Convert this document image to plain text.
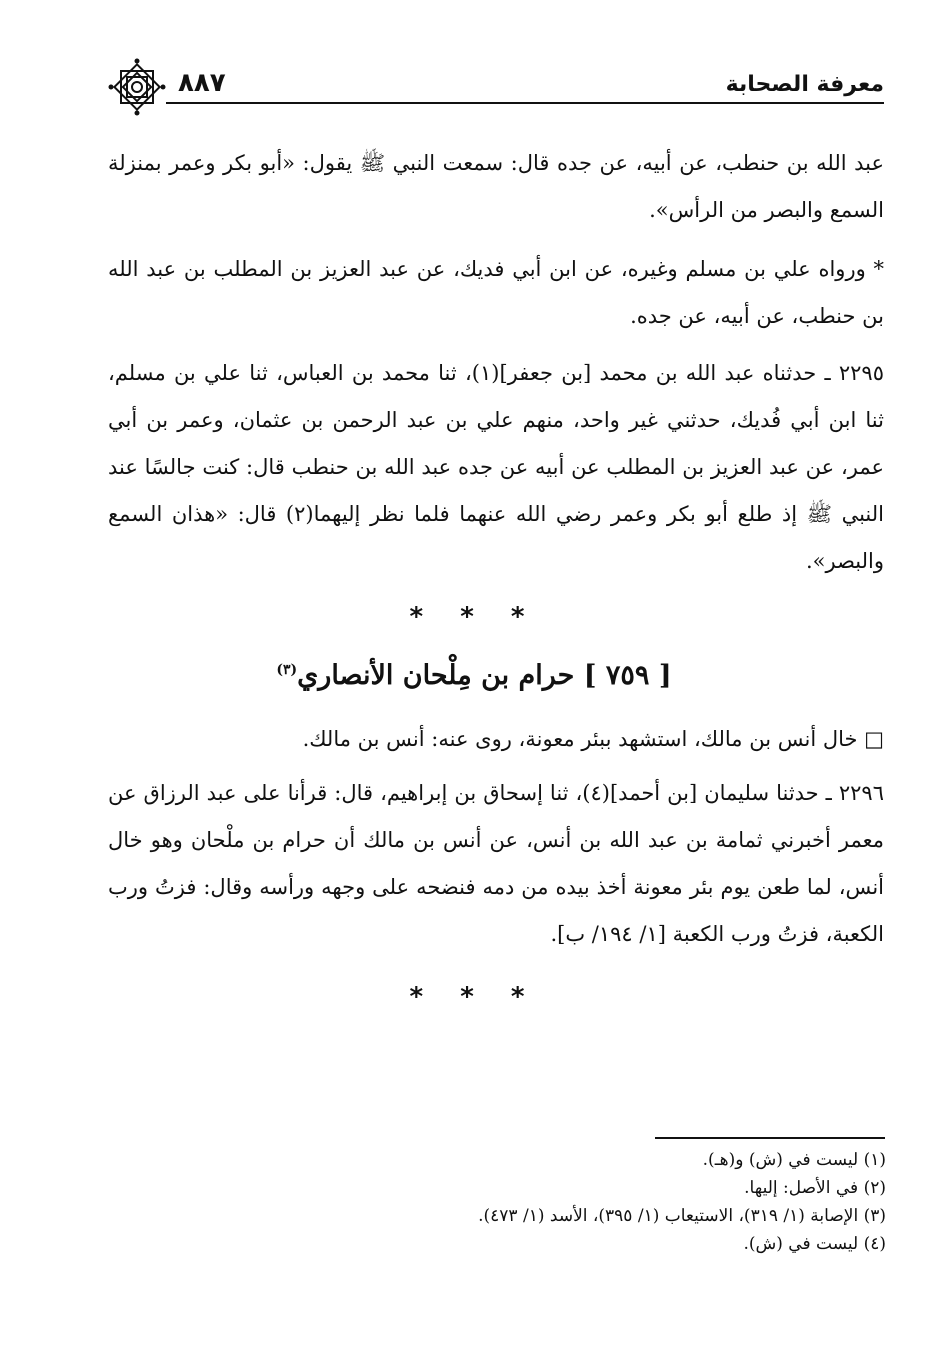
٨٨٧	معرفة الصحابة

عبد الله بن حنطب، عن أبيه، عن جده قال: سمعت النبي ﷺ يقول: «أبو بكر وعمر بمنزلة السمع والبصر من الرأس».

* ورواه علي بن مسلم وغيره، عن ابن أبي فديك، عن عبد العزيز بن المطلب بن عبد الله بن حنطب، عن أبيه، عن جده.

٢٢٩٥ ـ حدثناه عبد الله بن محمد [بن جعفر](١)، ثنا محمد بن العباس، ثنا علي بن مسلم، ثنا ابن أبي فُديك، حدثني غير واحد، منهم علي بن عبد الرحمن بن عثمان، وعمر بن أبي عمر، عن عبد العزيز بن المطلب عن أبيه عن جده عبد الله بن حنطب قال: كنت جالسًا عند النبي ﷺ إذ طلع أبو بكر وعمر رضي الله عنهما فلما نظر إليهما(٢) قال: «هذان السمع والبصر».

* * *
[ ٧٥٩ ] حرام بن مِلْحان الأنصاري$^{(٣)}$

□ خال أنس بن مالك، استشهد ببئر معونة، روى عنه: أنس بن مالك.

٢٢٩٦ ـ حدثنا سليمان [بن أحمد](٤)، ثنا إسحاق بن إبراهيم، قال: قرأنا على عبد الرزاق عن معمر أخبرني ثمامة بن عبد الله بن أنس، عن أنس بن مالك أن حرام بن ملْحان وهو خال أنس، لما طعن يوم بئر معونة أخذ بيده من دمه فنضحه على وجهه ورأسه وقال: فزتُ ورب الكعبة، فزتُ ورب الكعبة [١/ ١٩٤/ ب].

* * *
(١) ليست في (ش) و(هـ).
(٢) في الأصل: إليها.
(٣) الإصابة (١/ ٣١٩)، الاستيعاب (١/ ٣٩٥)، الأسد (١/ ٤٧٣).
(٤) ليست في (ش).
